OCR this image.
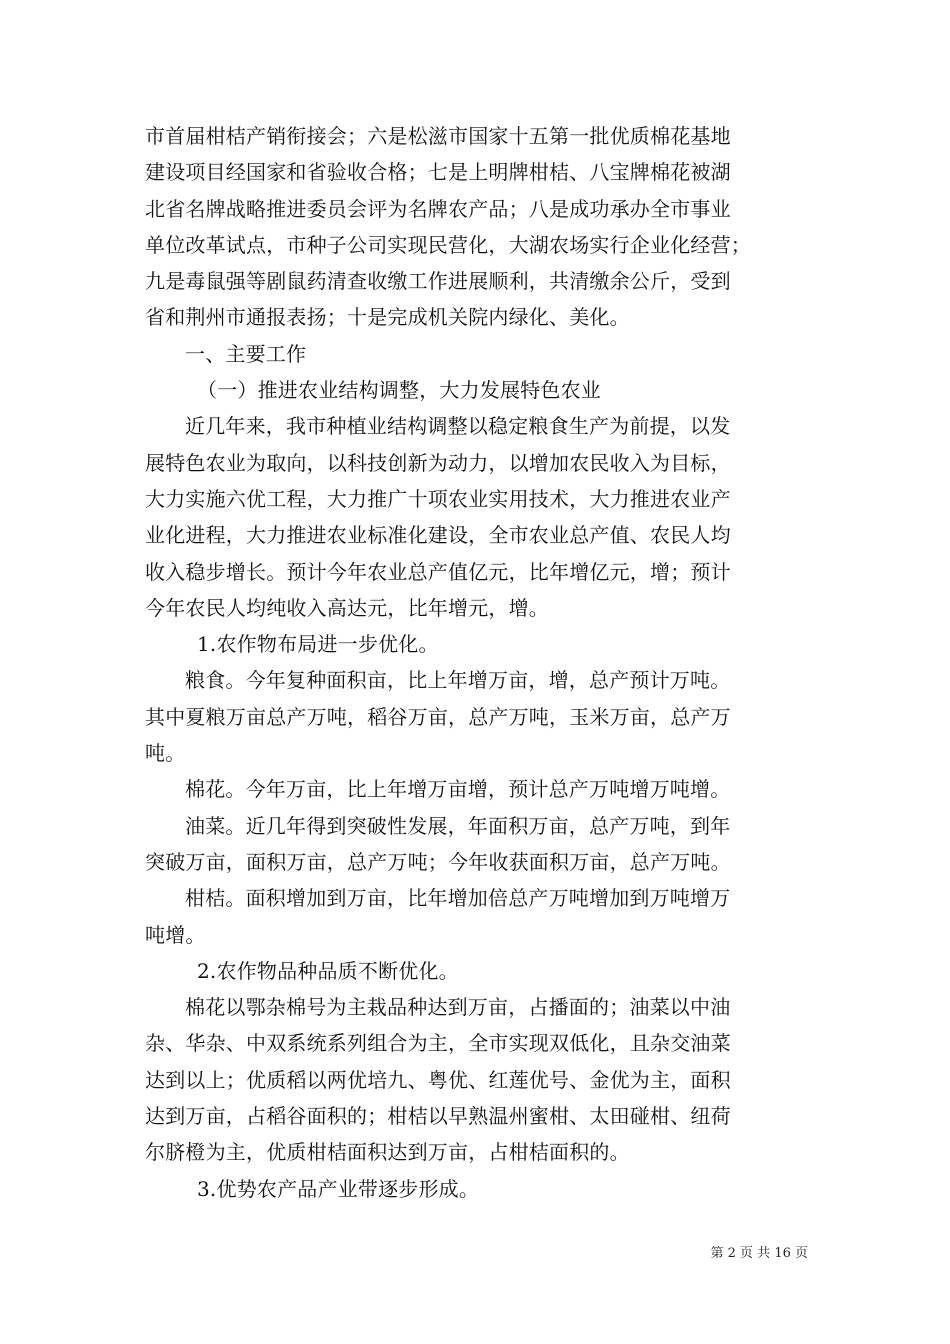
市首届柑桔产销衔接会；六是松滋市国家十五第一批优质棉花基地
建设项目经国家和省验收合格；七是上明牌柑桔、八宝牌棉花被湖
北省名牌战略推进委员会评为名牌农产品；八是成功承办全市事业
单位改革试点，市种子公司实现民营化，大湖农场实行企业化经营；
九是毒鼠强等剧鼠药清查收缴工作进展顺利，共清缴余公斤，受到
省和荆州市通报表扬；十是完成机关院内绿化、美化。
一、主要工作
（一）推进农业结构调整，大力发展特色农业
近几年来，我市种植业结构调整以稳定粮食生产为前提，以发
展特色农业为取向，以科技创新为动力，以增加农民收入为目标，
大力实施六优工程，大力推广十项农业实用技术，大力推进农业产
业化进程，大力推进农业标准化建设，全市农业总产值、农民人均
收入稳步增长。预计今年农业总产值亿元，比年增亿元，增；预计
今年农民人均纯收入高达元，比年增元，增。
1.农作物布局进一步优化。
粮食。今年复种面积亩，比上年增万亩，增，总产预计万吨。
其中夏粮万亩总产万吨，稻谷万亩，总产万吨，玉米万亩，总产万
吨。
棉花。今年万亩，比上年增万亩增，预计总产万吨增万吨增。
油菜。近几年得到突破性发展，年面积万亩，总产万吨，到年
突破万亩，面积万亩，总产万吨；今年收获面积万亩，总产万吨。
柑桔。面积增加到万亩，比年增加倍总产万吨增加到万吨增万
吨增。
2.农作物品种品质不断优化。
棉花以鄂杂棉号为主栽品种达到万亩，占播面的；油菜以中油
杂、华杂、中双系统系列组合为主，全市实现双低化，且杂交油菜
达到以上；优质稻以两优培九、粤优、红莲优号、金优为主，面积
达到万亩，占稻谷面积的；柑桔以早熟温州蜜柑、太田碰柑、纽荷
尔脐橙为主，优质柑桔面积达到万亩，占柑桔面积的。
3.优势农产品产业带逐步形成。
第 2 页 共 16 页
